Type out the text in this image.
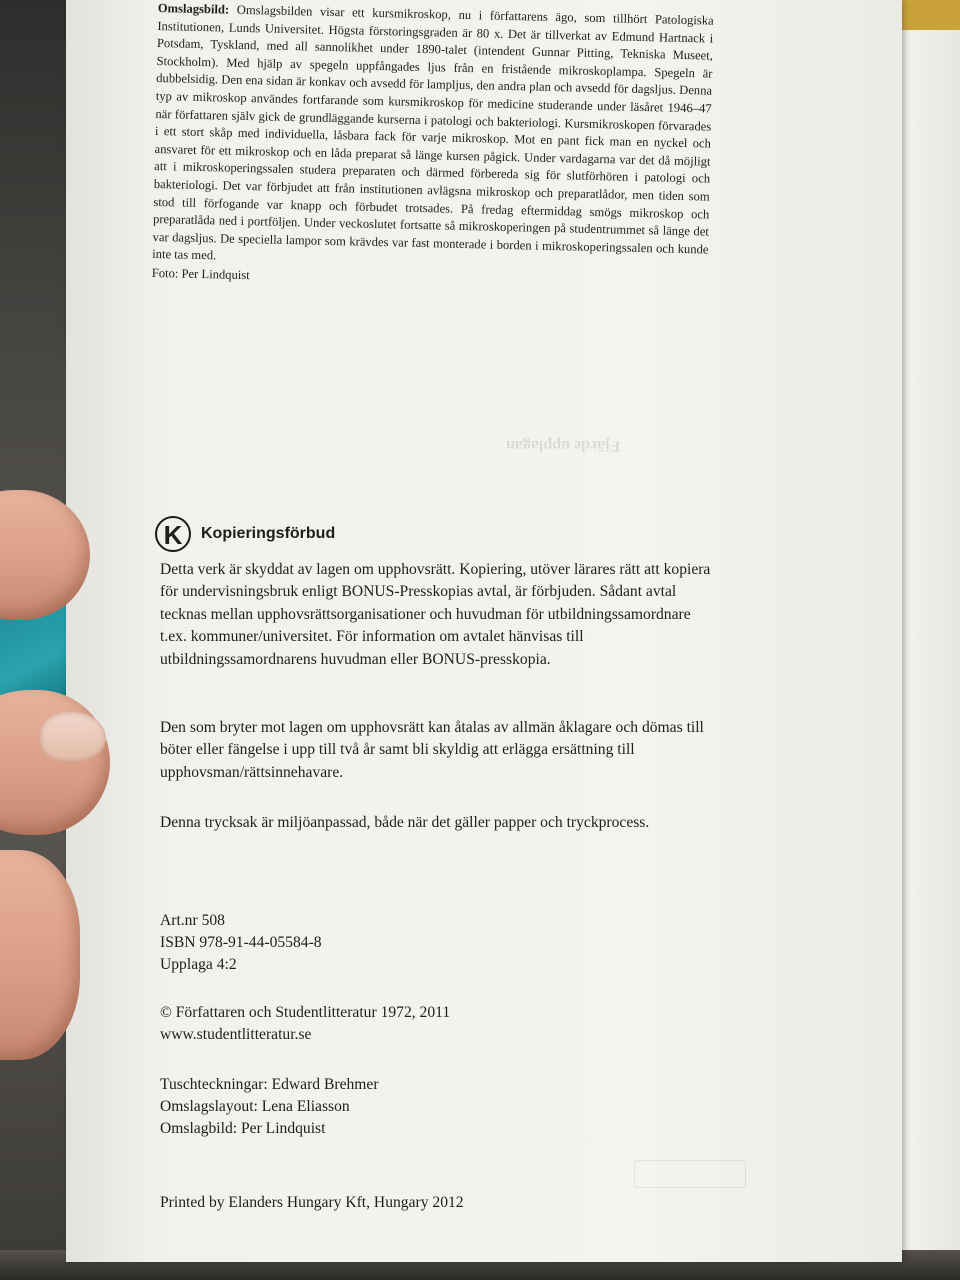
Omslagsbild: Omslagsbilden visar ett kursmikroskop, nu i författarens ägo, som tillhört Patologiska Institutionen, Lunds Universitet. Högsta förstoringsgraden är 80 x. Det är tillverkat av Edmund Hartnack i Potsdam, Tyskland, med all sannolikhet under 1890-talet (intendent Gunnar Pitting, Tekniska Museet, Stockholm). Med hjälp av spegeln uppfångades ljus från en fristående mikroskoplampa. Spegeln är dubbelsidig. Den ena sidan är konkav och avsedd för lampljus, den andra plan och avsedd för dagsljus. Denna typ av mikroskop användes fortfarande som kursmikroskop för medicine studerande under läsåret 1946–47 när författaren själv gick de grundläggande kurserna i patologi och bakteriologi. Kursmikroskopen förvarades i ett stort skåp med individuella, låsbara fack för varje mikroskop. Mot en pant fick man en nyckel och ansvaret för ett mikroskop och en låda preparat så länge kursen pågick. Under vardagarna var det då möjligt att i mikroskoperingssalen studera preparaten och därmed förbereda sig för slutförhören i patologi och bakteriologi. Det var förbjudet att från institutionen avlägsna mikroskop och preparatlådor, men tiden som stod till förfogande var knapp och förbudet trotsades. På fredag eftermiddag smögs mikroskop och preparatlåda ned i portföljen. Under veckoslutet fortsatte så mikroskoperingen på studentrummet så länge det var dagsljus. De speciella lampor som krävdes var fast monterade i borden i mikroskoperingssalen och kunde inte tas med.

Foto: Per Lindquist

Fjärde upplagan
K Kopieringsförbud

Detta verk är skyddat av lagen om upphovsrätt. Kopiering, utöver lärares rätt att kopiera för undervisningsbruk enligt BONUS-Presskopias avtal, är förbjuden. Sådant avtal tecknas mellan upphovsrättsorganisationer och huvudman för utbildningssamordnare t.ex. kommuner/universitet. För information om avtalet hänvisas till utbildningssamordnarens huvudman eller BONUS-presskopia.

Den som bryter mot lagen om upphovsrätt kan åtalas av allmän åklagare och dömas till böter eller fängelse i upp till två år samt bli skyldig att erlägga ersättning till upphovsman/rättsinnehavare.

Denna trycksak är miljöanpassad, både när det gäller papper och tryckprocess.

Art.nr 508

ISBN 978-91-44-05584-8

Upplaga 4:2

© Författaren och Studentlitteratur 1972, 2011

www.studentlitteratur.se

Tuschteckningar: Edward Brehmer

Omslagslayout: Lena Eliasson

Omslagbild: Per Lindquist

Printed by Elanders Hungary Kft, Hungary 2012
